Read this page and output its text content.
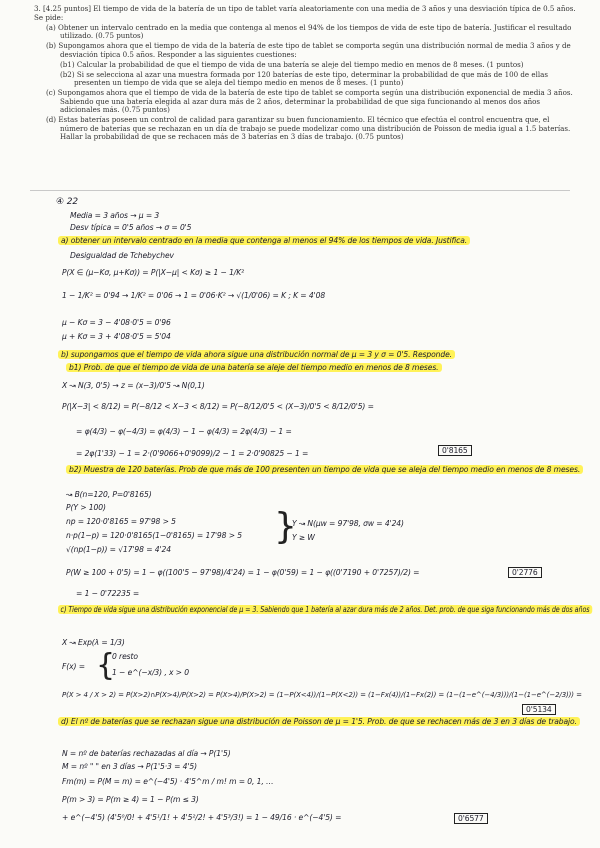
3. [4.25 puntos] El tiempo de vida de la batería de un tipo de tablet varía aleatoriamente con una media de 3 años y una desviación típica de 0.5 años. Se pide:

(a) Obtener un intervalo centrado en la media que contenga al menos el 94% de los tiempos de vida de este tipo de batería. Justificar el resultado utilizado. (0.75 puntos)

(b) Supongamos ahora que el tiempo de vida de la batería de este tipo de tablet se comporta según una distribución normal de media 3 años y de desviación típica 0.5 años. Responder a las siguientes cuestiones:

(b1) Calcular la probabilidad de que el tiempo de vida de una batería se aleje del tiempo medio en menos de 8 meses. (1 puntos)

(b2) Si se selecciona al azar una muestra formada por 120 baterías de este tipo, determinar la probabilidad de que más de 100 de ellas presenten un tiempo de vida que se aleja del tiempo medio en menos de 8 meses. (1 punto)

(c) Supongamos ahora que el tiempo de vida de la batería de este tipo de tablet se comporta según una distribución exponencial de media 3 años. Sabiendo que una batería elegida al azar dura más de 2 años, determinar la probabilidad de que siga funcionando al menos dos años adicionales más. (0.75 puntos)

(d) Estas baterías poseen un control de calidad para garantizar su buen funcionamiento. El técnico que efectúa el control encuentra que, el número de baterías que se rechazan en un día de trabajo se puede modelizar como una distribución de Poisson de media igual a 1.5 baterías. Hallar la probabilidad de que se rechacen más de 3 baterías en 3 días de trabajo. (0.75 puntos)

④ 22
Media = 3 años → μ = 3
Desv típica = 0'5 años → σ = 0'5
a) obtener un intervalo centrado en la media que contenga al menos el 94% de los tiempos de vida. Justifica.
Desigualdad de Tchebychev
P(X ∈ (μ−Kσ, μ+Kσ)) = P(|X−μ| < Kσ) ≥ 1 − 1/K²
1 − 1/K² = 0'94 → 1/K² = 0'06 → 1 = 0'06·K² → √(1/0'06) = K ; K = 4'08
μ − Kσ = 3 − 4'08·0'5 = 0'96
μ + Kσ = 3 + 4'08·0'5 = 5'04
b) supongamos que el tiempo de vida ahora sigue una distribución normal de μ = 3 y σ = 0'5. Responde.
b1) Prob. de que el tiempo de vida de una batería se aleje del tiempo medio en menos de 8 meses.
X ↝ N(3, 0'5) → z = (x−3)/0'5 ↝ N(0,1)
P(|X−3| < 8/12) = P(−8/12 < X−3 < 8/12) = P(−8/12/0'5 < (X−3)/0'5 < 8/12/0'5) =
= φ(4/3) − φ(−4/3) = φ(4/3) − 1 − φ(4/3) = 2φ(4/3) − 1 =
= 2φ(1'33) − 1 = 2·(0'9066+0'9099)/2 − 1 = 2·0'90825 − 1 =	0'8165
b2) Muestra de 120 baterías. Prob de que más de 100 presenten un tiempo de vida que se aleja del tiempo medio en menos de 8 meses.
↝ B(n=120, P=0'8165)
P(Y > 100)
np = 120·0'8165 = 97'98 > 5
n·p(1−p) = 120·0'8165(1−0'8165) = 17'98 > 5
√(np(1−p)) = √17'98 = 4'24
}
Y ↝ N(μw = 97'98, σw = 4'24)
Y ≥ W
P(W ≥ 100 + 0'5) = 1 − φ((100'5 − 97'98)/4'24) = 1 − φ(0'59) = 1 − φ((0'7190 + 0'7257)/2) =
= 1 − 0'72235 =
0'2776
c) Tiempo de vida sigue una distribución exponencial de μ = 3. Sabiendo que 1 batería al azar dura más de 2 años. Det. prob. de que siga funcionando más de dos años
X ↝ Exp(λ = 1/3)
F(x) = {
0 resto
1 − e^(−x/3) , x > 0
P(X > 4 / X > 2) = P(X>2)∩P(X>4)/P(X>2) = P(X>4)/P(X>2) = (1−P(X<4))/(1−P(X<2)) = (1−Fx(4))/(1−Fx(2)) = (1−(1−e^(−4/3)))/(1−(1−e^(−2/3))) =
0'5134
d) El nº de baterías que se rechazan sigue una distribución de Poisson de μ = 1'5. Prob. de que se rechacen más de 3 en 3 días de trabajo.
N = nº de baterías rechazadas al día → P(1'5)
M = nº " " en 3 días → P(1'5·3 = 4'5)
Fm(m) = P(M = m) = e^(−4'5) · 4'5^m / m! m = 0, 1, …
P(m > 3) = P(m ≥ 4) = 1 − P(m ≤ 3)
+ e^(−4'5) (4'5⁰/0! + 4'5¹/1! + 4'5²/2! + 4'5³/3!) = 1 − 49/16 · e^(−4'5) =	0'6577
